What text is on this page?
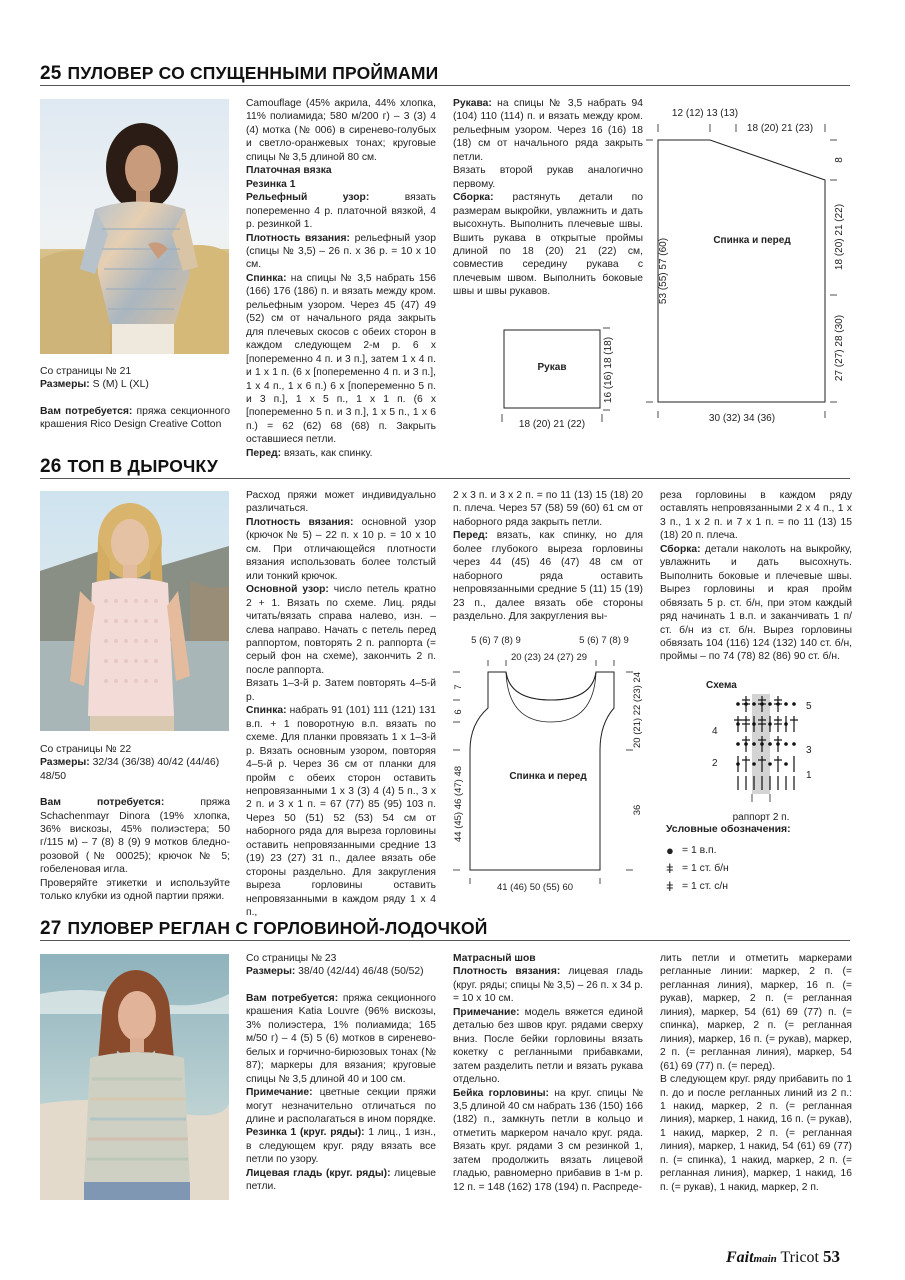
25 ПУЛОВЕР СО СПУЩЕННЫМИ ПРОЙМАМИ
Со страницы № 21
Размеры: S (M) L (XL)
Вам потребуется: пряжа секционного крашения Rico Design Creative Cotton

Camouflage (45% акрила, 44% хлопка, 11% полиамида; 580 м/200 г) – 3 (3) 4 (4) мотка (№ 006) в сиренево-голубых и светло-оранжевых тонах; круговые спицы № 3,5 длиной 80 см.

Платочная вязка

Резинка 1

Рельефный узор: вязать попеременно 4 р. платочной вязкой, 4 р. резинкой 1.

Плотность вязания: рельефный узор (спицы № 3,5) – 26 п. х 36 р. = 10 х 10 см.

Спинка: на спицы № 3,5 набрать 156 (166) 176 (186) п. и вязать между кром. рельефным узором. Через 45 (47) 49 (52) см от начального ряда закрыть для плечевых скосов с обеих сторон в каждом следующем 2-м р. 6 х [попеременно 4 п. и 3 п.], затем 1 х 4 п. и 1 х 1 п. (6 х [попеременно 4 п. и 3 п.], 1 х 4 п., 1 х 6 п.) 6 х [попеременно 5 п. и 3 п.], 1 х 5 п., 1 х 1 п. (6 х [попеременно 5 п. и 3 п.], 1 х 5 п., 1 х 6 п.) = 62 (62) 68 (68) п. Закрыть оставшиеся петли.

Перед: вязать, как спинку.

Рукава: на спицы № 3,5 набрать 94 (104) 110 (114) п. и вязать между кром. рельефным узором. Через 16 (16) 18 (18) см от начального ряда закрыть петли.

Вязать второй рукав аналогично первому.

Сборка: растянуть детали по размерам выкройки, увлажнить и дать высохнуть. Выполнить плечевые швы. Вшить рукава в открытые проймы длиной по 18 (20) 21 (22) см, совместив середину рукава с плечевым швом. Выполнить боковые швы и швы рукавов.

Рукав
18 (20) 21 (22)
16 (16) 18 (18)
Спинка и перед
12 (12) 13 (13)
18 (20) 21 (23)
8
18 (20) 21 (22)
27 (27) 28 (30)
53 (55) 57 (60)
30 (32) 34 (36)
26 ТОП В ДЫРОЧКУ
Со страницы № 22
Размеры: 32/34 (36/38) 40/42 (44/46) 48/50
Вам потребуется: пряжа Schachenmayr Dinora (19% хлопка, 36% вискозы, 45% полиэстера; 50 г/115 м) – 7 (8) 8 (9) 9 мотков бледно-розовой (№ 00025); крючок № 5; гобеленовая игла.
Проверяйте этикетки и используйте только клубки из одной партии пряжи.

Расход пряжи может индивидуально различаться.

Плотность вязания: основной узор (крючок № 5) – 22 п. х 10 р. = 10 х 10 см. При отличающейся плотности вязания использовать более толстый или тонкий крючок.

Основной узор: число петель кратно 2 + 1. Вязать по схеме. Лиц. ряды читать/вязать справа налево, изн. – слева направо. Начать с петель перед раппортом, повторять 2 п. раппорта (= серый фон на схеме), закончить 2 п. после раппорта.

Вязать 1–3-й р. Затем повторять 4–5-й р.

Спинка: набрать 91 (101) 111 (121) 131 в.п. + 1 поворотную в.п. вязать по схеме. Для планки провязать 1 х 1–3-й р. Вязать основным узором, повторяя 4–5-й р. Через 36 см от планки для пройм с обеих сторон оставить непровязанными 1 х 3 (3) 4 (4) 5 п., 3 х 2 п. и 3 х 1 п. = 67 (77) 85 (95) 103 п. Через 50 (51) 52 (53) 54 см от наборного ряда для выреза горловины оставить непровязанными средние 13 (19) 23 (27) 31 п., далее вязать обе стороны раздельно. Для закругления выреза горловины оставить непровязанными в каждом ряду 1 х 4 п.,

2 х 3 п. и 3 х 2 п. = по 11 (13) 15 (18) 20 п. плеча. Через 57 (58) 59 (60) 61 см от наборного ряда закрыть петли.

Перед: вязать, как спинку, но для более глубокого выреза горловины через 44 (45) 46 (47) 48 см от наборного ряда оставить непровязанными средние 5 (11) 15 (19) 23 п., далее вязать обе стороны раздельно. Для закругления вы-

реза горловины в каждом ряду оставлять непровязанными 2 х 4 п., 1 х 3 п., 1 х 2 п. и 7 х 1 п. = по 11 (13) 15 (18) 20 п. плеча.

Сборка: детали наколоть на выкройку, увлажнить и дать высохнуть. Выполнить боковые и плечевые швы. Вырез горловины и края пройм обвязать 5 р. ст. б/н, при этом каждый ряд начинать 1 в.п. и заканчивать 1 п/ст. б/н из ст. б/н. Вырез горловины обвязать 104 (116) 124 (132) 140 ст. б/н, проймы – по 74 (78) 82 (86) 90 ст. б/н.

Спинка и перед
5 (6) 7 (8) 9	5 (6) 7 (8) 9
20 (23) 24 (27) 29
7
6	20 (21) 22 (23) 24
44 (45) 46 (47) 48	36
41 (46) 50 (55) 60
Схема
5
3
1
4
2
раппорт 2 п.
Условные обозначения:
● = 1 в.п.
ǂ = 1 ст. б/н
ǂ = 1 ст. с/н
27 ПУЛОВЕР РЕГЛАН С ГОРЛОВИНОЙ-ЛОДОЧКОЙ

Со страницы № 23

Размеры: 38/40 (42/44) 46/48 (50/52)

Вам потребуется: пряжа секционного крашения Katia Louvre (96% вискозы, 3% полиэстера, 1% полиамида; 165 м/50 г) – 4 (5) 5 (6) мотков в сиренево-белых и горчично-бирюзовых тонах (№ 87); маркеры для вязания; круговые спицы № 3,5 длиной 40 и 100 см.

Примечание: цветные секции пряжи могут незначительно отличаться по длине и располагаться в ином порядке.

Резинка 1 (круг. ряды): 1 лиц., 1 изн., в следующем круг. ряду вязать все петли по узору.

Лицевая гладь (круг. ряды): лицевые петли.

Матрасный шов

Плотность вязания: лицевая гладь (круг. ряды; спицы № 3,5) – 26 п. х 34 р. = 10 х 10 см.

Примечание: модель вяжется единой деталью без швов круг. рядами сверху вниз. После бейки горловины вязать кокетку с регланными прибавками, затем разделить петли и вязать рукава отдельно.

Бейка горловины: на круг. спицы № 3,5 длиной 40 см набрать 136 (150) 166 (182) п., замкнуть петли в кольцо и отметить маркером начало круг. ряда. Вязать круг. рядами 3 см резинкой 1, затем продолжить вязать лицевой гладью, равномерно прибавив в 1-м р. 12 п. = 148 (162) 178 (194) п. Распреде-

лить петли и отметить маркерами регланные линии: маркер, 2 п. (= регланная линия), маркер, 16 п. (= рукав), маркер, 2 п. (= регланная линия), маркер, 54 (61) 69 (77) п. (= спинка), маркер, 2 п. (= регланная линия), маркер, 16 п. (= рукав), маркер, 2 п. (= регланная линия), маркер, 54 (61) 69 (77) п. (= перед).

В следующем круг. ряду прибавить по 1 п. до и после регланных линий из 2 п.: 1 накид, маркер, 2 п. (= регланная линия), маркер, 1 накид, 16 п. (= рукав), 1 накид, маркер, 2 п. (= регланная линия), маркер, 1 накид, 54 (61) 69 (77) п. (= спинка), 1 накид, маркер, 2 п. (= регланная линия), маркер, 1 накид, 16 п. (= рукав), 1 накид, маркер, 2 п.

Faitmain Tricot 53
